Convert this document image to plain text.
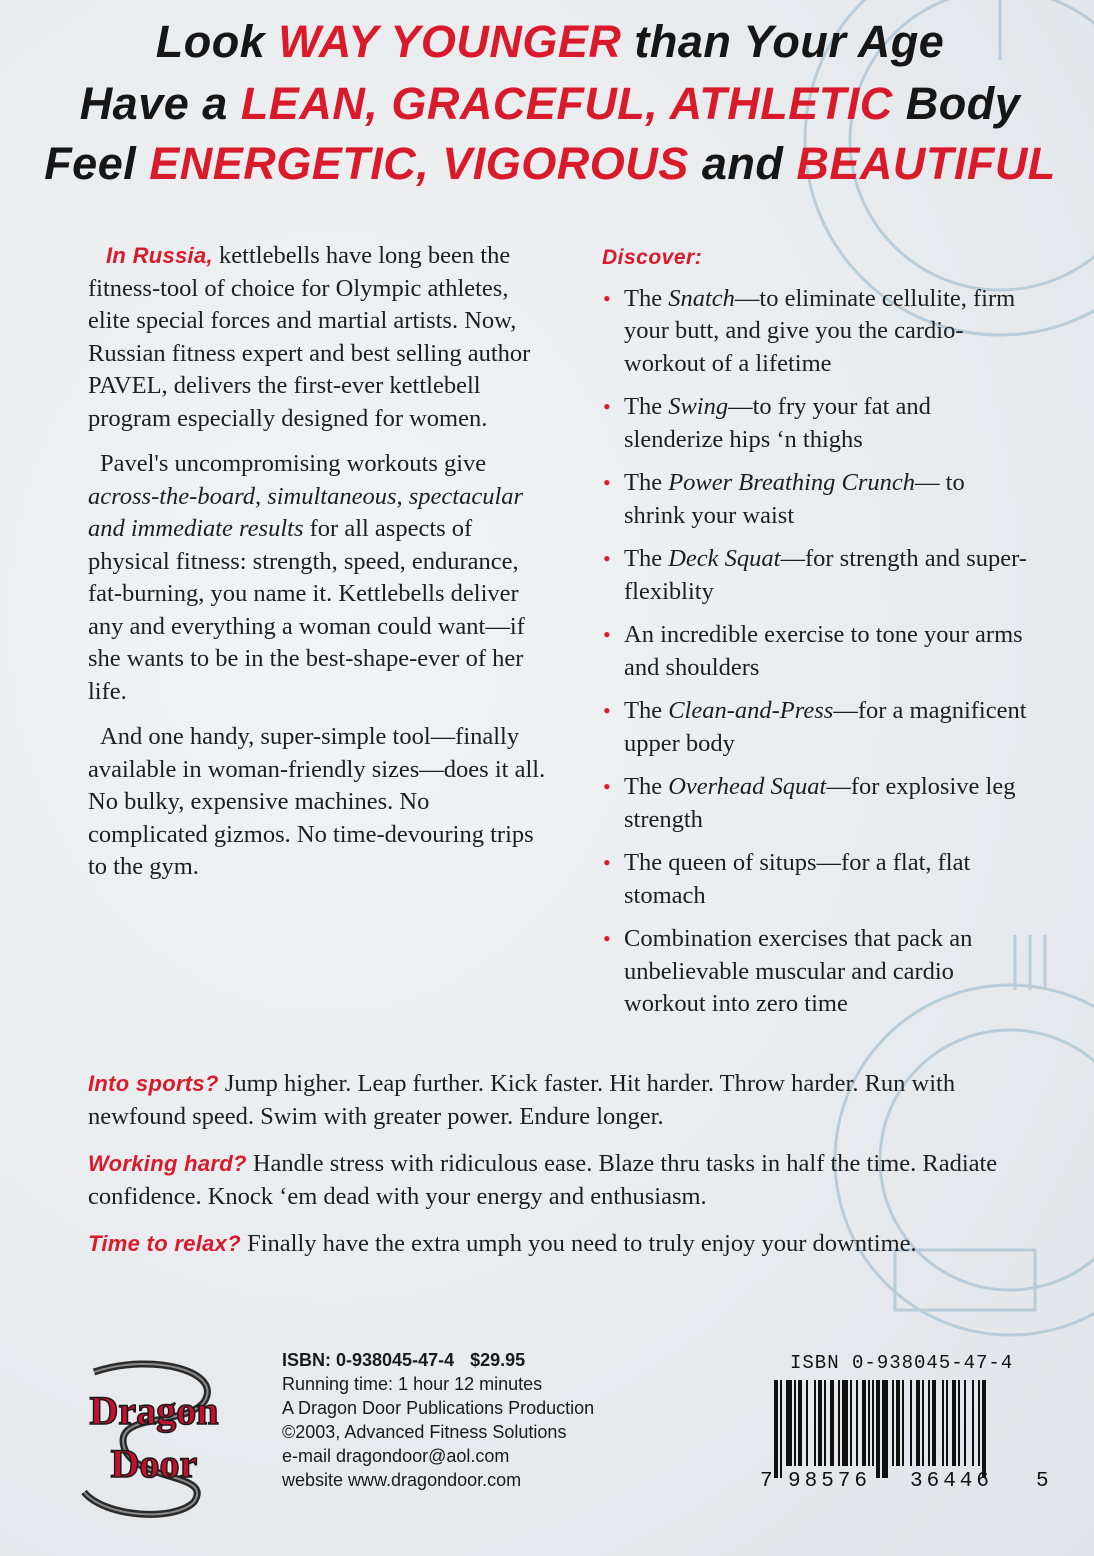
Look WAY YOUNGER than Your Age
Have a LEAN, GRACEFUL, ATHLETIC Body
Feel ENERGETIC, VIGOROUS and BEAUTIFUL

In Russia, kettlebells have long been the fitness-tool of choice for Olympic athletes, elite special forces and martial artists. Now, Russian fitness expert and best selling author PAVEL, delivers the first-ever kettlebell program especially designed for women.

Pavel's uncompromising workouts give across-the-board, simultaneous, spectacular and immediate results for all aspects of physical fitness: strength, speed, endurance, fat-burning, you name it. Kettlebells deliver any and everything a woman could want—if she wants to be in the best-shape-ever of her life.

And one handy, super-simple tool—finally available in woman-friendly sizes—does it all. No bulky, expensive machines. No complicated gizmos. No time-devouring trips to the gym.

Discover:
• The Snatch—to eliminate cellulite, firm your butt, and give you the cardio-workout of a lifetime
• The Swing—to fry your fat and slenderize hips ‘n thighs
• The Power Breathing Crunch— to shrink your waist
• The Deck Squat—for strength and super-flexiblity
• An incredible exercise to tone your arms and shoulders
• The Clean-and-Press—for a magnificent upper body
• The Overhead Squat—for explosive leg strength
• The queen of situps—for a flat, flat stomach
• Combination exercises that pack an unbelievable muscular and cardio workout into zero time

Into sports? Jump higher. Leap further. Kick faster. Hit harder. Throw harder. Run with newfound speed. Swim with greater power. Endure longer.

Working hard? Handle stress with ridiculous ease. Blaze thru tasks in half the time. Radiate confidence. Knock ‘em dead with your energy and enthusiasm.

Time to relax? Finally have the extra umph you need to truly enjoy your downtime.

Dragon
Door
ISBN: 0-938045-47-4 $29.95
Running time: 1 hour 12 minutes
A Dragon Door Publications Production
©2003, Advanced Fitness Solutions
e-mail dragondoor@aol.com
website www.dragondoor.com
ISBN 0-938045-47-4
7 98576 36446 5
